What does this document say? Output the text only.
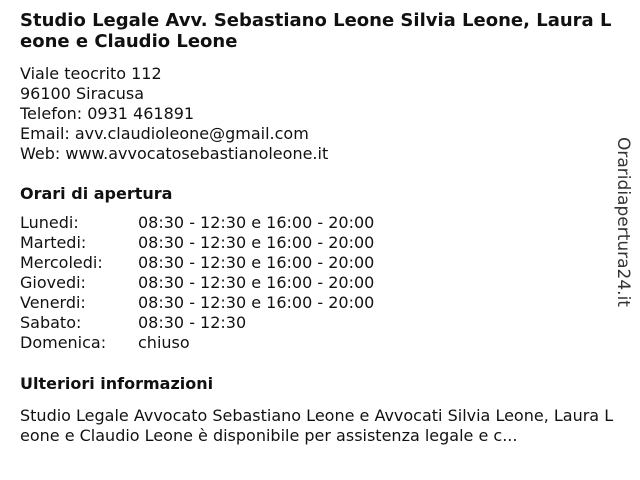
Studio Legale Avv. Sebastiano Leone Silvia Leone, Laura Leone e Claudio Leone
Viale teocrito 112
96100 Siracusa
Telefon: 0931 461891
Email: avv.claudioleone@gmail.com
Web: www.avvocatosebastianoleone.it
Orari di apertura
Lunedi:	08:30 - 12:30 e 16:00 - 20:00
Martedi:	08:30 - 12:30 e 16:00 - 20:00
Mercoledi: 08:30 - 12:30 e 16:00 - 20:00
Giovedi:	08:30 - 12:30 e 16:00 - 20:00
Venerdi:	08:30 - 12:30 e 16:00 - 20:00
Sabato:	08:30 - 12:30
Domenica: chiuso
Ulteriori informazioni

Studio Legale Avvocato Sebastiano Leone e Avvocati Silvia Leone, Laura Leone e Claudio Leone è disponibile per assistenza legale e c...

Oraridiapertura24.it
